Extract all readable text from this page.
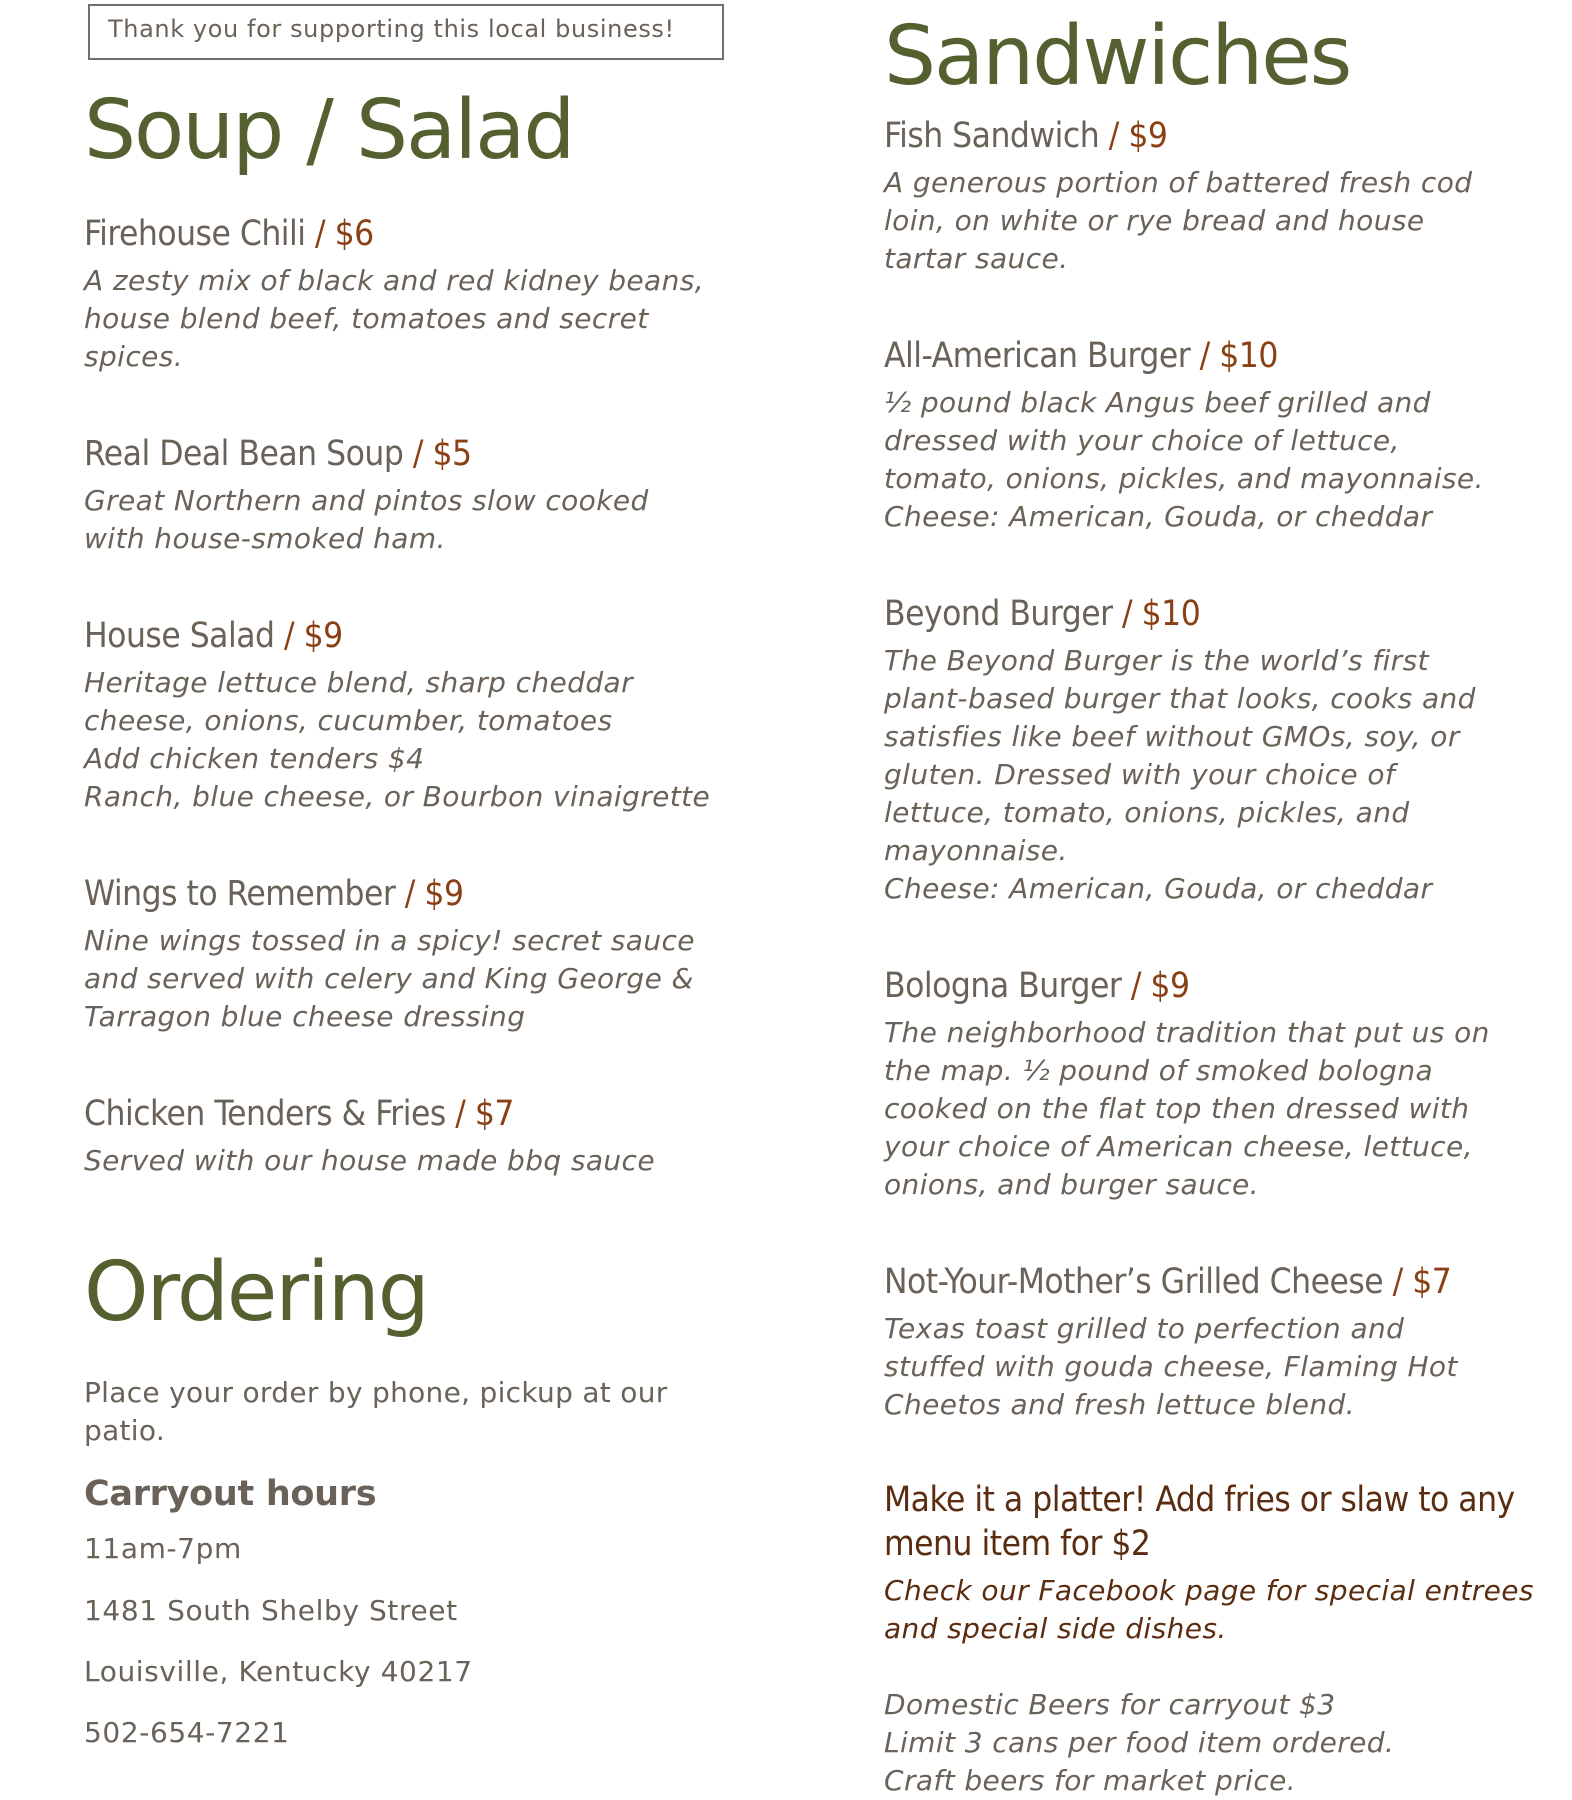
Thank you for supporting this local business!
Soup / Salad
Firehouse Chili / $6
A zesty mix of black and red kidney beans,
house blend beef, tomatoes and secret
spices.
Real Deal Bean Soup / $5
Great Northern and pintos slow cooked
with house-smoked ham.
House Salad / $9
Heritage lettuce blend, sharp cheddar
cheese, onions, cucumber, tomatoes
Add chicken tenders $4
Ranch, blue cheese, or Bourbon vinaigrette
Wings to Remember / $9
Nine wings tossed in a spicy! secret sauce
and served with celery and King George &
Tarragon blue cheese dressing
Chicken Tenders & Fries / $7
Served with our house made bbq sauce
Ordering
Place your order by phone, pickup at our patio.
Carryout hours
11am-7pm
1481 South Shelby Street
Louisville, Kentucky 40217
502-654-7221
Sandwiches
Fish Sandwich / $9
A generous portion of battered fresh cod
loin, on white or rye bread and house
tartar sauce.
All-American Burger / $10
½ pound black Angus beef grilled and
dressed with your choice of lettuce,
tomato, onions, pickles, and mayonnaise.
Cheese: American, Gouda, or cheddar
Beyond Burger / $10
The Beyond Burger is the world’s first
plant-based burger that looks, cooks and
satisfies like beef without GMOs, soy, or
gluten. Dressed with your choice of
lettuce, tomato, onions, pickles, and
mayonnaise.
Cheese: American, Gouda, or cheddar
Bologna Burger / $9
The neighborhood tradition that put us on
the map. ½ pound of smoked bologna
cooked on the flat top then dressed with
your choice of American cheese, lettuce,
onions, and burger sauce.
Not-Your-Mother’s Grilled Cheese / $7
Texas toast grilled to perfection and
stuffed with gouda cheese, Flaming Hot
Cheetos and fresh lettuce blend.
Make it a platter! Add fries or slaw to any menu item for $2
Check our Facebook page for special entrees and special side dishes.
Domestic Beers for carryout $3
Limit 3 cans per food item ordered.
Craft beers for market price.
